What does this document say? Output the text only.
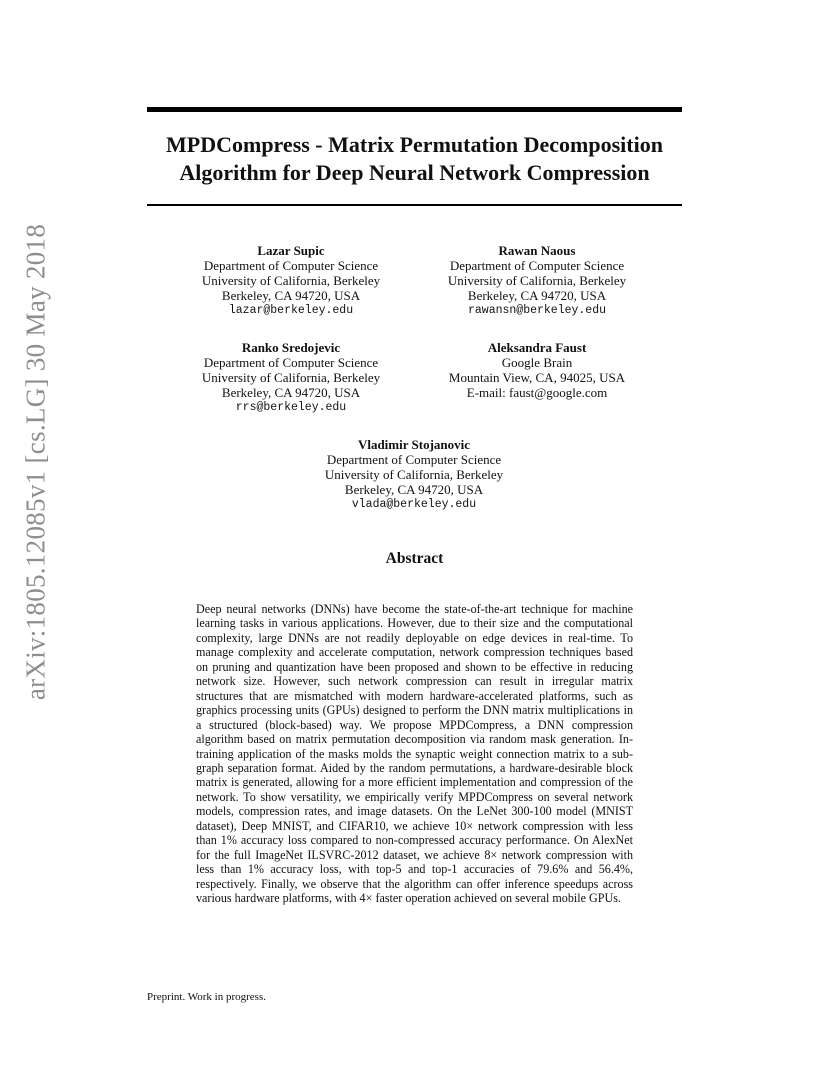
arXiv:1805.12085v1 [cs.LG] 30 May 2018
MPDCompress - Matrix Permutation Decomposition
Algorithm for Deep Neural Network Compression
Lazar Supic
Department of Computer Science
University of California, Berkeley
Berkeley, CA 94720, USA
lazar@berkeley.edu
Rawan Naous
Department of Computer Science
University of California, Berkeley
Berkeley, CA 94720, USA
rawansn@berkeley.edu
Ranko Sredojevic
Department of Computer Science
University of California, Berkeley
Berkeley, CA 94720, USA
rrs@berkeley.edu
Aleksandra Faust
Google Brain
Mountain View, CA, 94025, USA
E-mail: faust@google.com
Vladimir Stojanovic
Department of Computer Science
University of California, Berkeley
Berkeley, CA 94720, USA
vlada@berkeley.edu
Abstract

Deep neural networks (DNNs) have become the state-of-the-art technique for machine learning tasks in various applications. However, due to their size and the computational complexity, large DNNs are not readily deployable on edge devices in real-time. To manage complexity and accelerate computation, network compression techniques based on pruning and quantization have been proposed and shown to be effective in reducing network size. However, such network compression can result in irregular matrix structures that are mismatched with modern hardware-accelerated platforms, such as graphics processing units (GPUs) designed to perform the DNN matrix multiplications in a structured (block-based) way. We propose MPDCompress, a DNN compression algorithm based on matrix permutation decomposition via random mask generation. In-training application of the masks molds the synaptic weight connection matrix to a sub-graph separation format. Aided by the random permutations, a hardware-desirable block matrix is generated, allowing for a more efficient implementation and compression of the network. To show versatility, we empirically verify MPDCompress on several network models, compression rates, and image datasets. On the LeNet 300-100 model (MNIST dataset), Deep MNIST, and CIFAR10, we achieve 10× network compression with less than 1% accuracy loss compared to non-compressed accuracy performance. On AlexNet for the full ImageNet ILSVRC-2012 dataset, we achieve 8× network compression with less than 1% accuracy loss, with top-5 and top-1 accuracies of 79.6% and 56.4%, respectively. Finally, we observe that the algorithm can offer inference speedups across various hardware platforms, with 4× faster operation achieved on several mobile GPUs.

Preprint. Work in progress.
